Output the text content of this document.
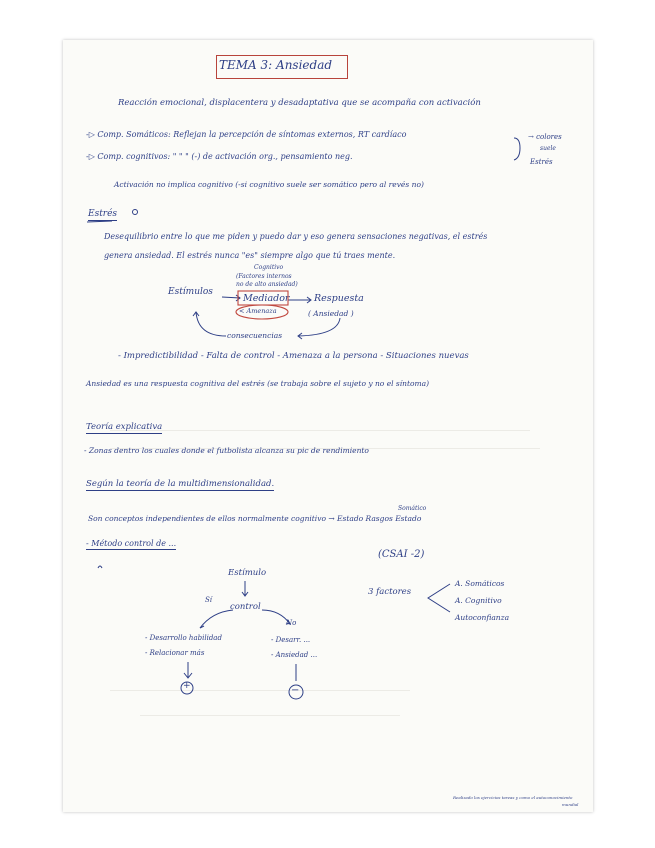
TEMA 3: Ansiedad
Reacción emocional, displacentera y desadaptativa que se acompaña con activación
-▷ Comp. Somáticos: Reflejan la percepción de síntomas externos, RT cardíaco
-▷ Comp. cognitivos: " " " (-) de activación org., pensamiento neg.
→ colores
suele
Estrés
Activación no implica cognitivo (-si cognitivo suele ser somático pero al revés no)
Estrés
Desequilibrio entre lo que me piden y puedo dar y eso genera sensaciones negativas, el estrés
genera ansiedad. El estrés nunca "es" siempre algo que tú traes mente.
Cognitivo
(Factores internos
no de alto ansiedad)
Estímulos
Mediador
< Amenaza
Respuesta
( Ansiedad )
consecuencias
- Impredictibilidad - Falta de control - Amenaza a la persona - Situaciones nuevas
Ansiedad es una respuesta cognitiva del estrés (se trabaja sobre el sujeto y no el síntoma)
Teoría explicativa
- Zonas dentro los cuales donde el futbolista alcanza su pic de rendimiento
Según la teoría de la multidimensionalidad.
Somático
Son conceptos independientes de ellos normalmente cognitivo → Estado Rasgos Estado
- Método control de ...
(CSAI -2)
Estímulo
Sí
control
No
- Desarrollo habilidad
- Relacionar más
- Desarr. ...
- Ansiedad ...
+	−
3 factores
A. Somáticos
A. Cognitivo
Autoconfianza
Realizado los ejercicios tareas y como el autoconocimiento
mundial
